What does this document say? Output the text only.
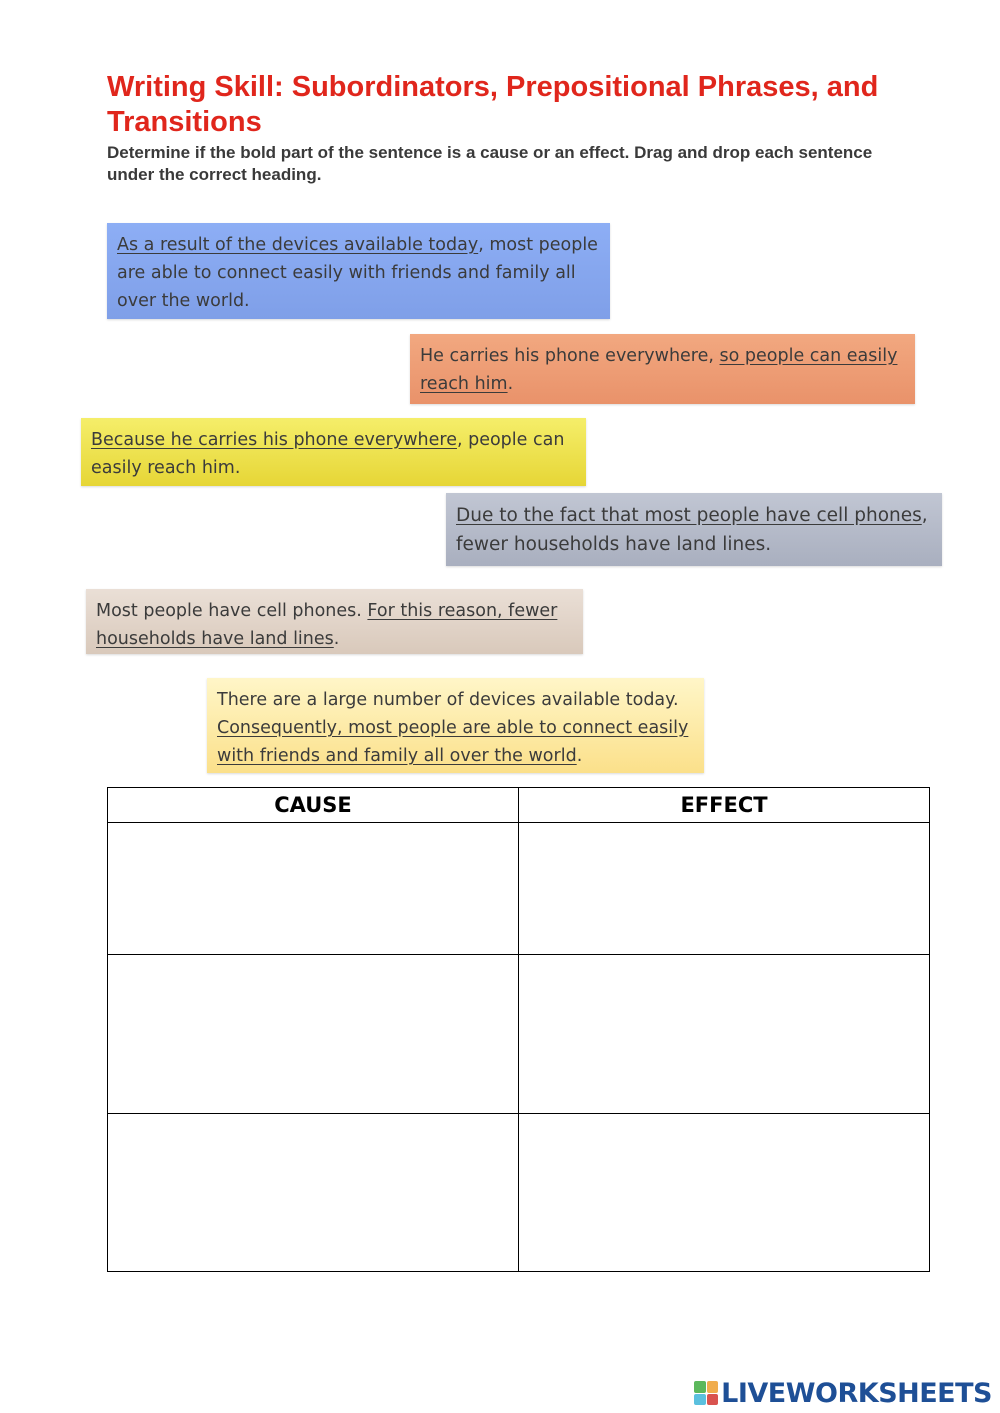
Writing Skill: Subordinators, Prepositional Phrases, and Transitions

Determine if the bold part of the sentence is a cause or an effect. Drag and drop each sentence under the correct heading.

As a result of the devices available today, most people are able to connect easily with friends and family all over the world.
He carries his phone everywhere, so people can easily reach him.
Because he carries his phone everywhere, people can easily reach him.
Due to the fact that most people have cell phones, fewer households have land lines.
Most people have cell phones. For this reason, fewer households have land lines.
There are a large number of devices available today. Consequently, most people are able to connect easily with friends and family all over the world.
CAUSE	EFFECT

LIVEWORKSHEETS
